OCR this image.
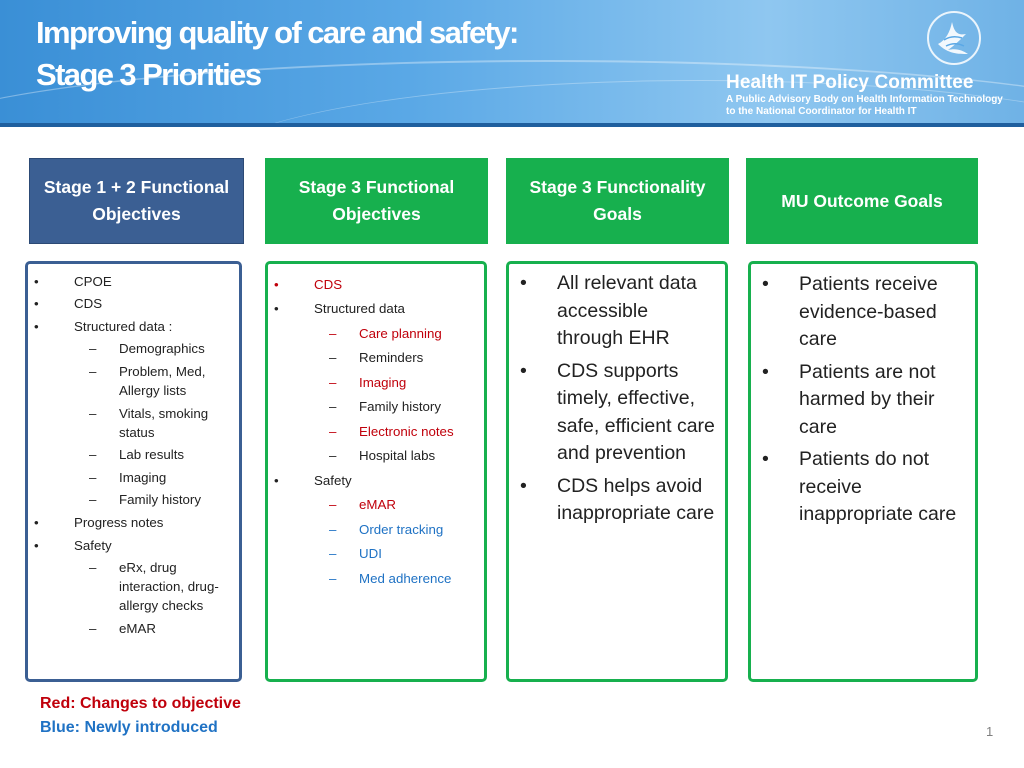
Improving quality of care and safety:
Stage 3 Priorities	Health IT Policy Committee
A Public Advisory Body on Health Information Technology
to the National Coordinator for Health IT
Stage 1 + 2 Functional Objectives
Stage 3 Functional Objectives
Stage 3 Functionality Goals
MU Outcome Goals
• CPOE
• CDS
• Structured data :
– Demographics
– Problem, Med, Allergy lists
– Vitals, smoking status
– Lab results
– Imaging
– Family history
• Progress notes
• Safety
– eRx, drug interaction, drug-allergy checks
– eMAR
• CDS
• Structured data
– Care planning
– Reminders
– Imaging
– Family history
– Electronic notes
– Hospital labs
• Safety
– eMAR
– Order tracking
– UDI
– Med adherence
• All relevant data accessible through EHR
• CDS supports timely, effective, safe, efficient care and prevention
• CDS helps avoid inappropriate care
• Patients receive evidence-based care
• Patients are not harmed by their care
• Patients do not receive inappropriate care
Red: Changes to objective
Blue: Newly introduced	1
